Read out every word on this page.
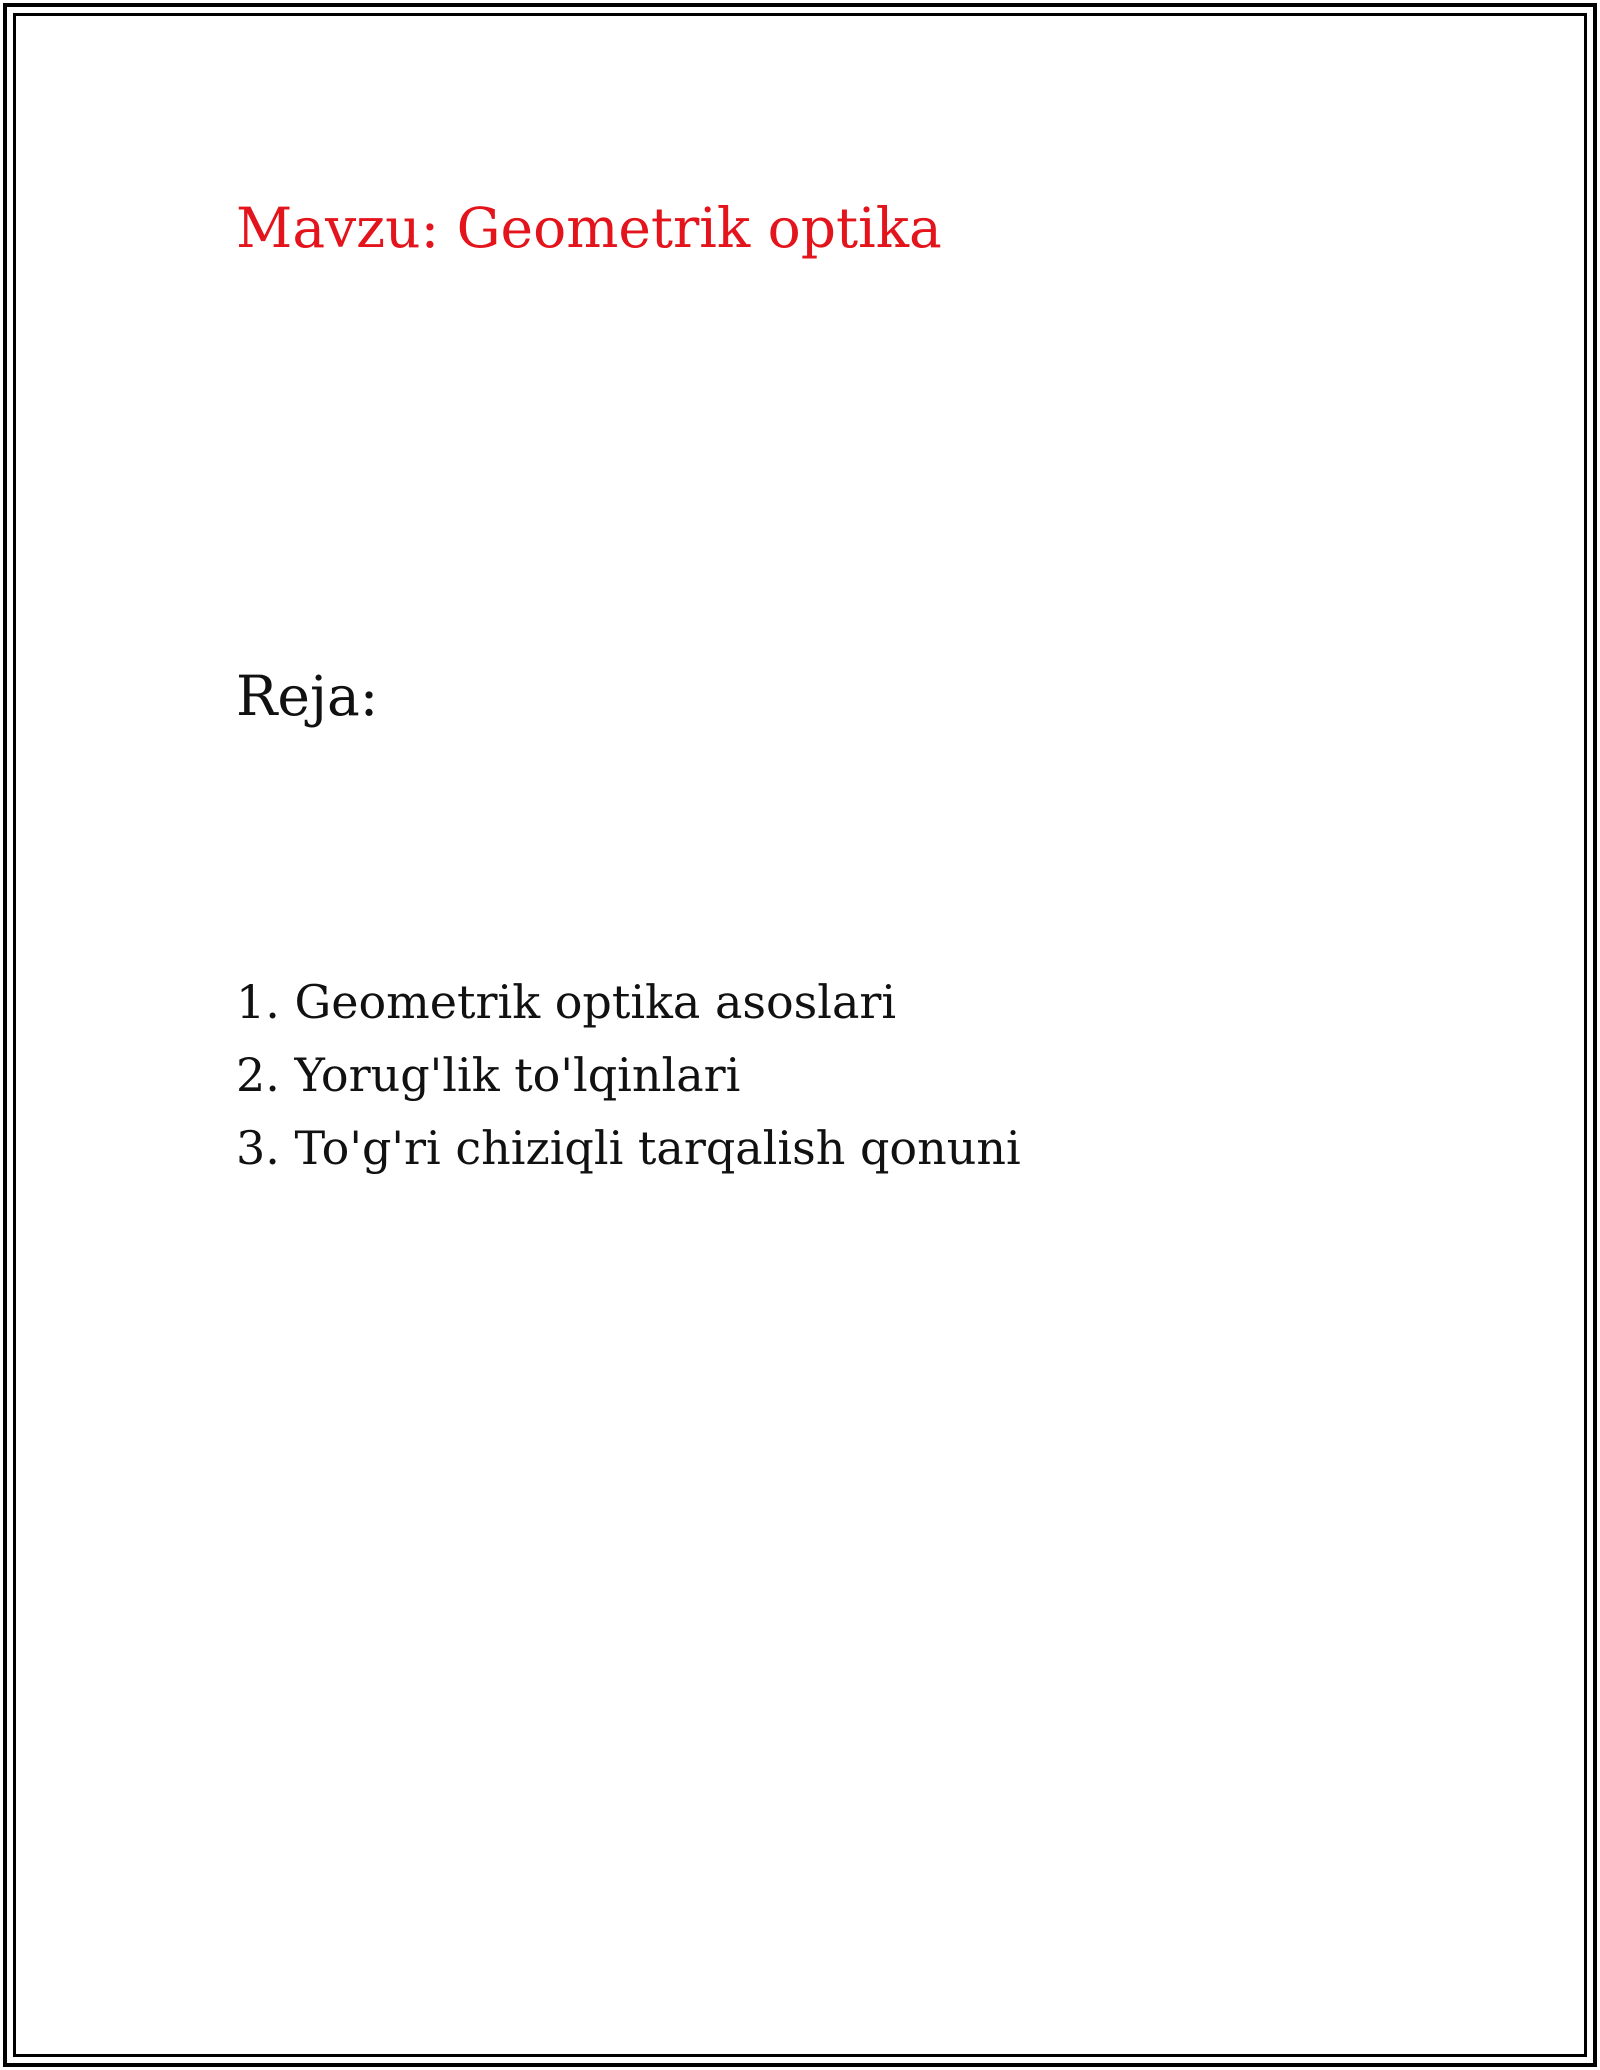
Mavzu: Geometrik optika
Reja:
1. Geometrik optika asoslari
2. Yorug'lik to'lqinlari
3. To'g'ri chiziqli tarqalish qonuni
